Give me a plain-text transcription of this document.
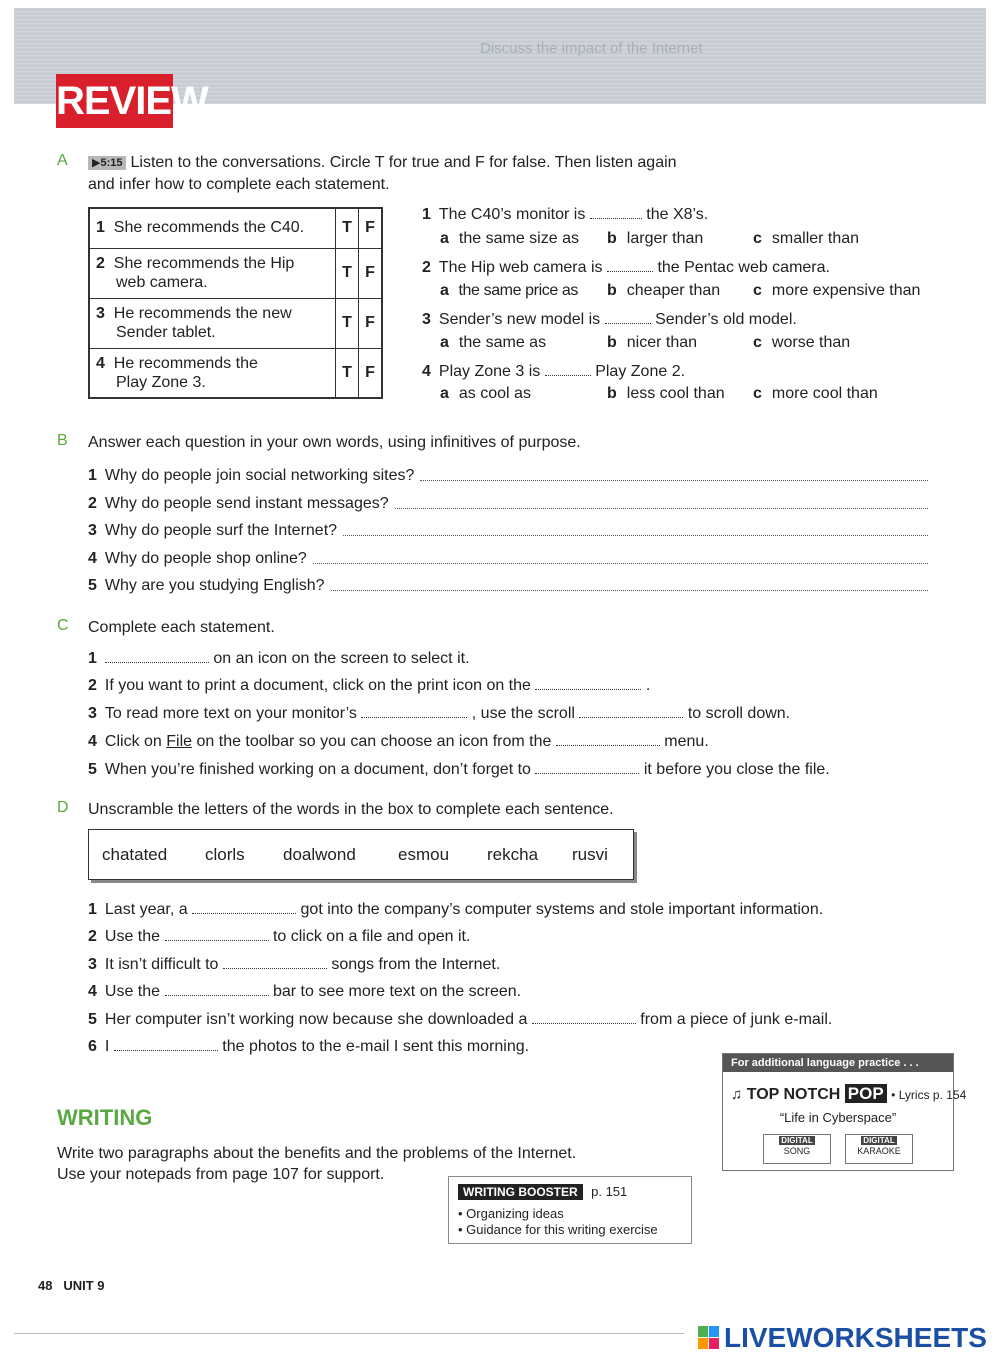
Discuss the impact of the Internet
REVIEW
A	▶5:15 Listen to the conversations. Circle T for true and F for false. Then listen again
and infer how to complete each statement.
1 She recommends the C40.	T	F
2 She recommends the Hip
web camera.	T	F
3 He recommends the new
Sender tablet.	T	F
4 He recommends the
Play Zone 3.	T	F
1 The C40’s monitor is	the X8’s.
a the same size as b larger than	c smaller than
2 The Hip web camera is	the Pentac web camera.
a the same price as b cheaper than c more expensive than
3 Sender’s new model is	Sender’s old model.
a the same as	b nicer than	c worse than
4 Play Zone 3 is	Play Zone 2.
a as cool as	b less cool than c more cool than
B Answer each question in your own words, using infinitives of purpose.
1 Why do people join social networking sites?
2 Why do people send instant messages?
3 Why do people surf the Internet?
4 Why do people shop online?
5 Why are you studying English?
C Complete each statement.
1	on an icon on the screen to select it.
2 If you want to print a document, click on the print icon on the	.
3 To read more text on your monitor’s	, use the scroll	to scroll down.
4 Click on File on the toolbar so you can choose an icon from the	menu.
5 When you’re finished working on a document, don’t forget to	it before you close the file.
D Unscramble the letters of the words in the box to complete each sentence.
chatated clorls doalwond esmou rekcha rusvi
1 Last year, a	got into the company’s computer systems and stole important information.
2 Use the	to click on a file and open it.
3 It isn’t difficult to	songs from the Internet.
4 Use the	bar to see more text on the screen.
5 Her computer isn’t working now because she downloaded a	from a piece of junk e-mail.
6 I	the photos to the e-mail I sent this morning.
For additional language practice . . .
♫ TOP NOTCH POP • Lyrics p. 154
“Life in Cyberspace”
DIGITAL
SONG
DIGITAL
KARAOKE
WRITING
Write two paragraphs about the benefits and the problems of the Internet.
Use your notepads from page 107 for support.
WRITING BOOSTER p. 151
• Organizing ideas
• Guidance for this writing exercise
48 UNIT 9
LIVEWORKSHEETS
